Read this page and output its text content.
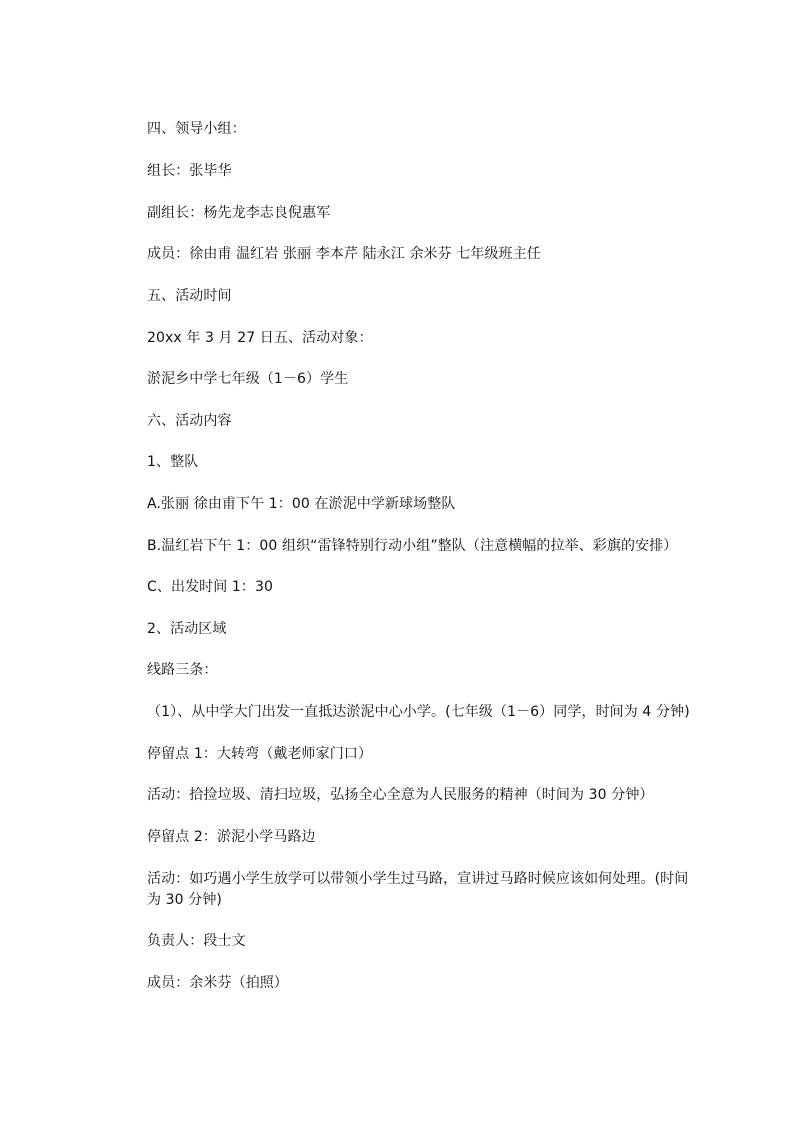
四、领导小组：
组长：张毕华
副组长：杨先龙李志良倪惠军
成员：徐由甫 温红岩 张丽 李本芹 陆永江 余米芬 七年级班主任
五、活动时间
20xx 年 3 月 27 日五、活动对象：
淤泥乡中学七年级（1－6）学生
六、活动内容
1、整队
A.张丽 徐由甫下午 1：00 在淤泥中学新球场整队
B.温红岩下午 1：00 组织“雷锋特别行动小组”整队（注意横幅的拉举、彩旗的安排）
C、出发时间 1：30
2、活动区域
线路三条：
（1）、从中学大门出发一直抵达淤泥中心小学。(七年级（1－6）同学，时间为 4 分钟)
停留点 1：大转弯（戴老师家门口）
活动：拾捡垃圾、清扫垃圾，弘扬全心全意为人民服务的精神（时间为 30 分钟）
停留点 2：淤泥小学马路边
活动：如巧遇小学生放学可以带领小学生过马路，宣讲过马路时候应该如何处理。(时间为 30 分钟)
负责人：段士文
成员：余米芬（拍照）
